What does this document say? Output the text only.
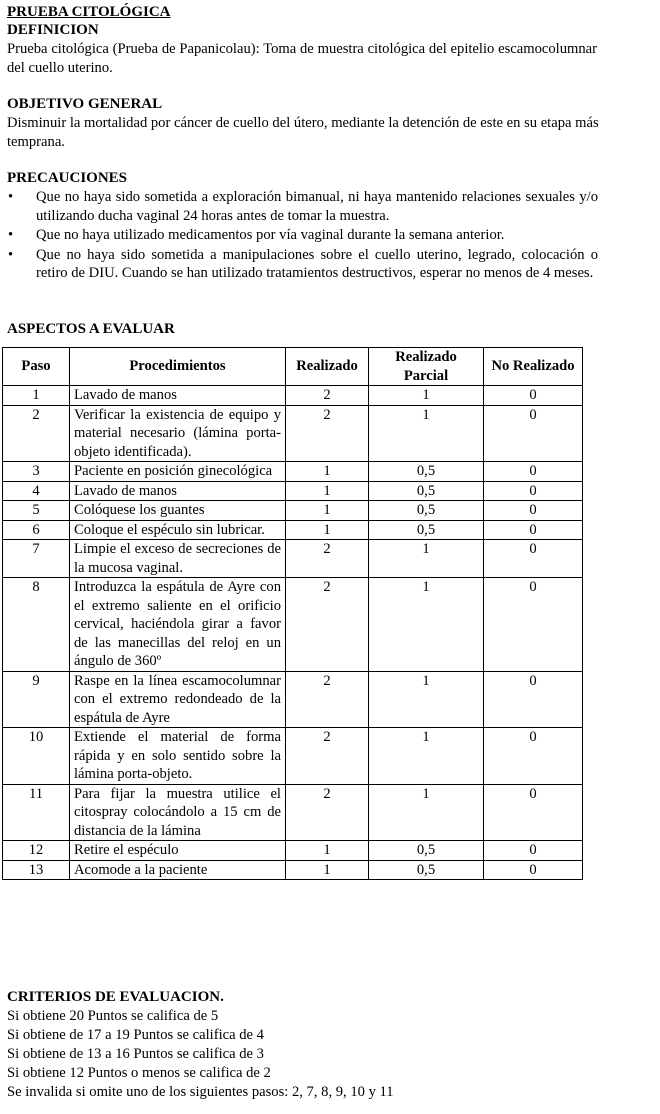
PRUEBA CITOLÓGICA
DEFINICION
Prueba citológica (Prueba de Papanicolau): Toma de muestra citológica del epitelio escamocolumnar del cuello uterino.
OBJETIVO GENERAL
Disminuir la mortalidad por cáncer de cuello del útero, mediante la detención de este en su etapa más temprana.
PRECAUCIONES
• Que no haya sido sometida a exploración bimanual, ni haya mantenido relaciones sexuales y/o utilizando ducha vaginal 24 horas antes de tomar la muestra.
• Que no haya utilizado medicamentos por vía vaginal durante la semana anterior.
• Que no haya sido sometida a manipulaciones sobre el cuello uterino, legrado, colocación o retiro de DIU. Cuando se han utilizado tratamientos destructivos, esperar no menos de 4 meses.
ASPECTOS A EVALUAR
Paso	Procedimientos	Realizado	Realizado Parcial	No Realizado
1	Lavado de manos	2	1	0
2	Verificar la existencia de equipo y material necesario (lámina porta-objeto identificada).	2	1	0
3	Paciente en posición ginecológica	1	0,5	0
4	Lavado de manos	1	0,5	0
5	Colóquese los guantes	1	0,5	0
6	Coloque el espéculo sin lubricar.	1	0,5	0
7	Limpie el exceso de secreciones de la mucosa vaginal.	2	1	0
8	Introduzca la espátula de Ayre con el extremo saliente en el orificio cervical, haciéndola girar a favor de las manecillas del reloj en un ángulo de 360º	2	1	0
9	Raspe en la línea escamocolumnar con el extremo redondeado de la espátula de Ayre	2	1	0
10	Extiende el material de forma rápida y en solo sentido sobre la lámina porta-objeto.	2	1	0
11	Para fijar la muestra utilice el citospray colocándolo a 15 cm de distancia de la lámina	2	1	0
12	Retire el espéculo	1	0,5	0
13	Acomode a la paciente	1	0,5	0
CRITERIOS DE EVALUACION.
Si obtiene 20 Puntos se califica de 5
Si obtiene de 17 a 19 Puntos se califica de 4
Si obtiene de 13 a 16 Puntos se califica de 3
Si obtiene 12 Puntos o menos se califica de 2
Se invalida si omite uno de los siguientes pasos: 2, 7, 8, 9, 10 y 11
